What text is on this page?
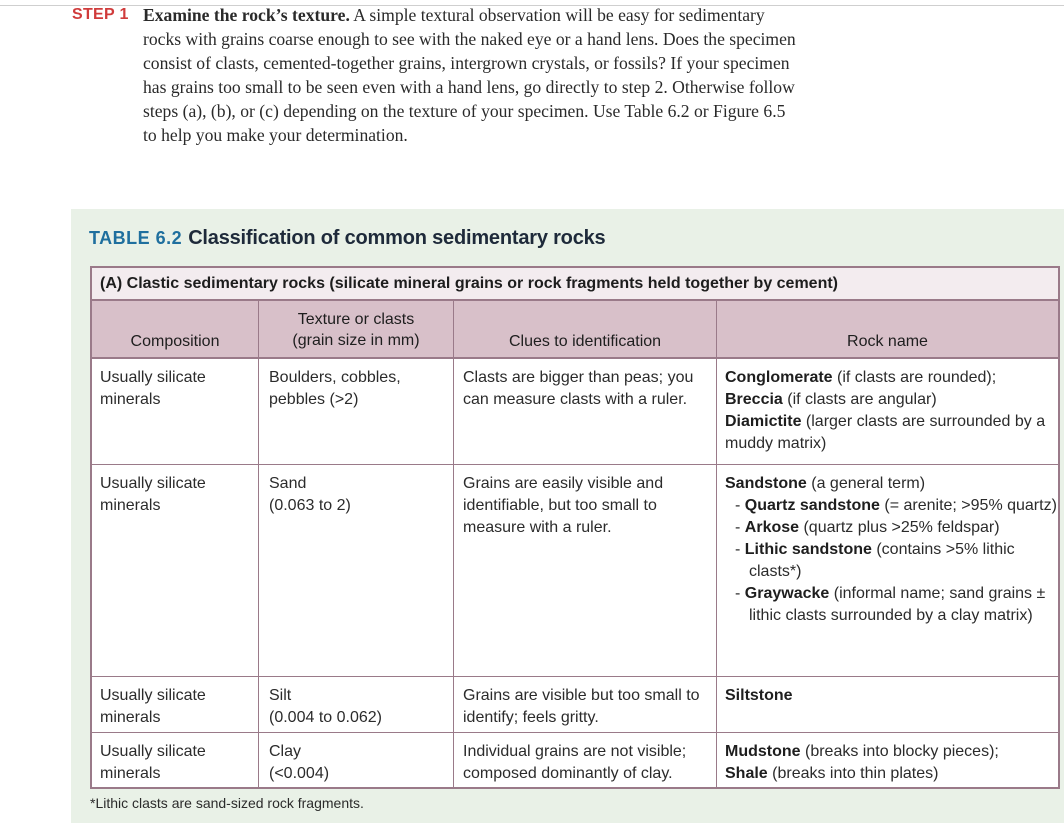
STEP 1 Examine the rock’s texture. A simple textural observation will be easy for sedimentary rocks with grains coarse enough to see with the naked eye or a hand lens. Does the specimen consist of clasts, cemented-together grains, intergrown crystals, or fossils? If your specimen has grains too small to be seen even with a hand lens, go directly to step 2. Otherwise follow steps (a), (b), or (c) depending on the texture of your specimen. Use Table 6.2 or Figure 6.5 to help you make your determination.
TABLE 6.2 Classification of common sedimentary rocks
(A) Clastic sedimentary rocks (silicate mineral grains or rock fragments held together by cement)
Composition
Texture or clasts
(grain size in mm)	Clues to identification	Rock name
Usually silicate minerals
Boulders, cobbles,
pebbles (>2)
Clasts are bigger than peas; you can measure clasts with a ruler.
Conglomerate (if clasts are rounded);
Breccia (if clasts are angular)
Diamictite (larger clasts are surrounded by a muddy matrix)
Usually silicate minerals
Sand
(0.063 to 2)
Grains are easily visible and identifiable, but too small to measure with a ruler.
Sandstone (a general term)
- Quartz sandstone (= arenite; >95% quartz)
- Arkose (quartz plus >25% feldspar)
- Lithic sandstone (contains >5% lithic clasts*)
- Graywacke (informal name; sand grains ± lithic clasts surrounded by a clay matrix)
Usually silicate minerals
Silt
(0.004 to 0.062)
Grains are visible but too small to identify; feels gritty.
Siltstone
Usually silicate minerals
Clay
(<0.004)
Individual grains are not visible; composed dominantly of clay.
Mudstone (breaks into blocky pieces);
Shale (breaks into thin plates)
*Lithic clasts are sand-sized rock fragments.
